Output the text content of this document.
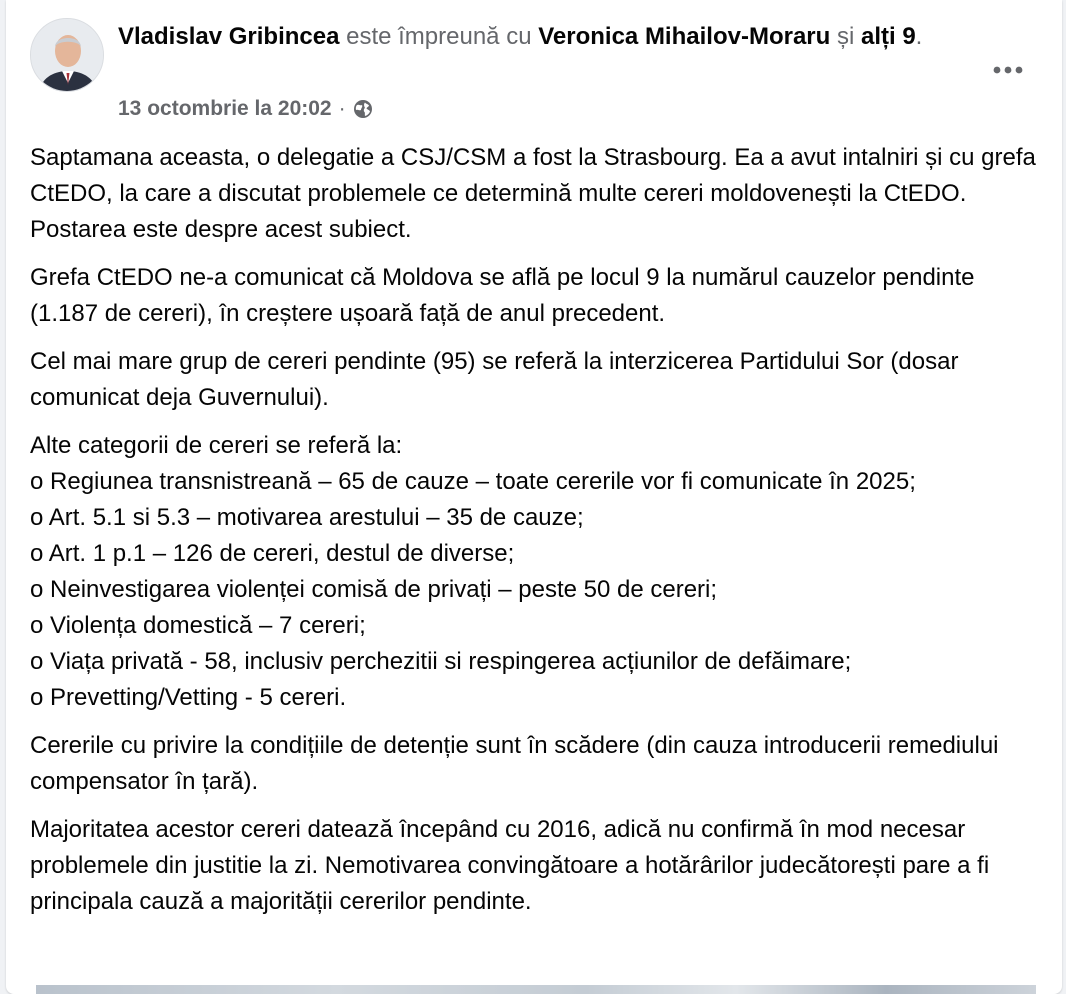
Vladislav Gribincea este împreună cu Veronica Mihailov-Moraru și alți 9.
13 octombrie la 20:02 ·

Saptamana aceasta, o delegatie a CSJ/CSM a fost la Strasbourg. Ea a avut intalniri și cu grefa CtEDO, la care a discutat problemele ce determină multe cereri moldovenești la CtEDO. Postarea este despre acest subiect.

Grefa CtEDO ne-a comunicat că Moldova se află pe locul 9 la numărul cauzelor pendinte (1.187 de cereri), în creștere ușoară față de anul precedent.

Cel mai mare grup de cereri pendinte (95) se referă la interzicerea Partidului Sor (dosar comunicat deja Guvernului).

Alte categorii de cereri se referă la:
o Regiunea transnistreană – 65 de cauze – toate cererile vor fi comunicate în 2025;
o Art. 5.1 si 5.3 – motivarea arestului – 35 de cauze;
o Art. 1 p.1 – 126 de cereri, destul de diverse;
o Neinvestigarea violenței comisă de privați – peste 50 de cereri;
o Violența domestică – 7 cereri;
o Viața privată - 58, inclusiv perchezitii si respingerea acțiunilor de defăimare;
o Prevetting/Vetting - 5 cereri.

Cererile cu privire la condițiile de detenție sunt în scădere (din cauza introducerii remediului compensator în țară).

Majoritatea acestor cereri datează începând cu 2016, adică nu confirmă în mod necesar problemele din justitie la zi. Nemotivarea convingătoare a hotărârilor judecătorești pare a fi principala cauză a majorității cererilor pendinte.
